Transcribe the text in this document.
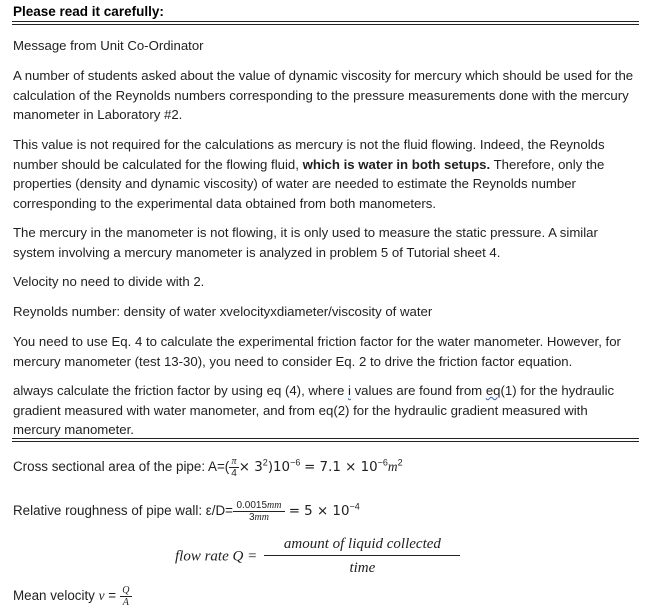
Please read it carefully:
Message from Unit Co-Ordinator
A number of students asked about the value of dynamic viscosity for mercury which should be used for the calculation of the Reynolds numbers corresponding to the pressure measurements done with the mercury manometer in Laboratory #2.
This value is not required for the calculations as mercury is not the fluid flowing. Indeed, the Reynolds number should be calculated for the flowing fluid, which is water in both setups. Therefore, only the properties (density and dynamic viscosity) of water are needed to estimate the Reynolds number corresponding to the experimental data obtained from both manometers.
The mercury in the manometer is not flowing, it is only used to measure the static pressure. A similar system involving a mercury manometer is analyzed in problem 5 of Tutorial sheet 4.
Velocity no need to divide with 2.
Reynolds number: density of water xvelocityxdiameter/viscosity of water
You need to use Eq. 4 to calculate the experimental friction factor for the water manometer. However, for mercury manometer (test 13-30), you need to consider Eq. 2 to drive the friction factor equation.
always calculate the friction factor by using eq (4), where i values are found from eq(1) for the hydraulic gradient measured with water manometer, and from eq(2) for the hydraulic gradient measured with mercury manometer.
Cross sectional area of the pipe: $A=( \frac{\pi}{4} \times 3^2)10^{-6} = 7.1 \times 10^{-6}m^2$
Relative roughness of pipe wall: $\varepsilon/D= \frac{0.0015mm}{3mm} = 5 \times 10^{-4}$
flow rate $Q = \frac{\text{amount of liquid collected}}{\text{time}}$
Mean velocity $v = \frac{Q}{A}$
